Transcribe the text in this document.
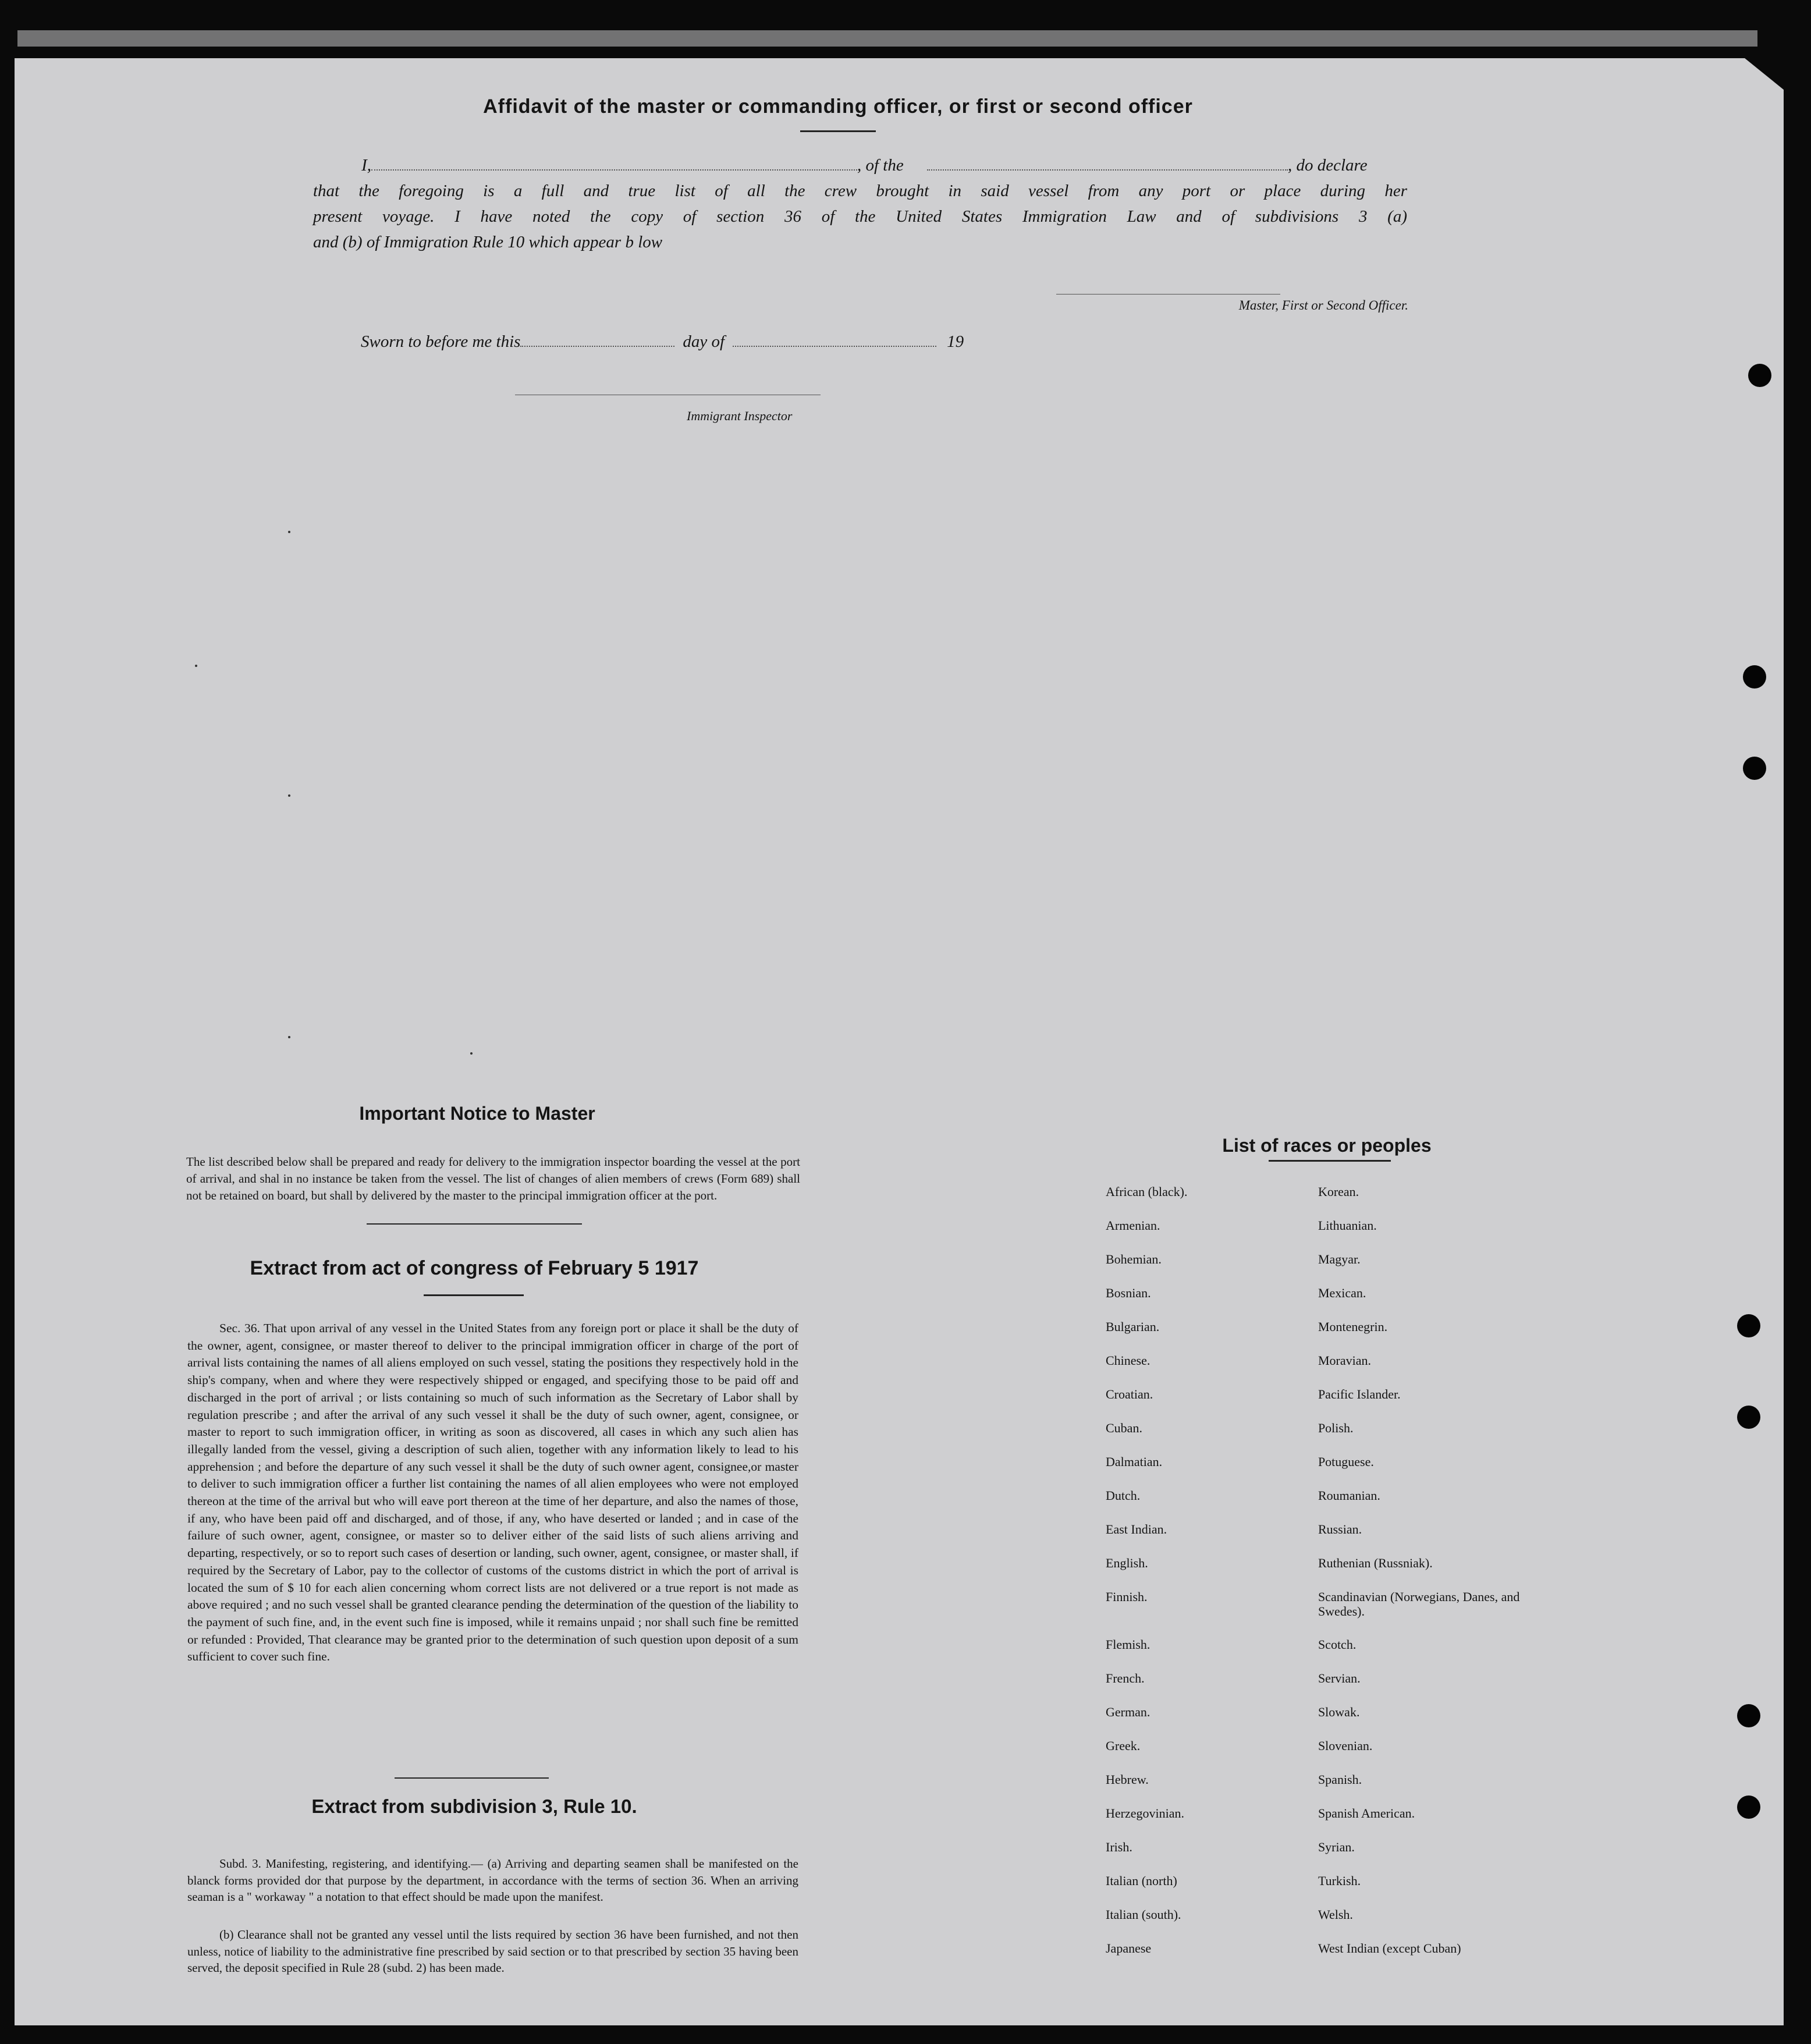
Affidavit of the master or commanding officer, or first or second officer
I,	, of the	, do declare
that the foregoing is a full and true list of all the crew brought in said vessel from any port or place during her
present voyage. I have noted the copy of section 36 of the United States Immigration Law and of subdivisions 3 (a)
and (b) of Immigration Rule 10 which appear b low
Master, First or Second Officer.
Sworn to before me this	day of	19
Immigrant Inspector
Important Notice to Master
The list described below shall be prepared and ready for delivery to the immigration inspector boarding the vessel at the port of arrival, and shal in no instance be taken from the vessel. The list of changes of alien members of crews (Form 689) shall not be retained on board, but shall by delivered by the master to the principal immigration officer at the port.
Extract from act of congress of February 5 1917
Sec. 36. That upon arrival of any vessel in the United States from any foreign port or place it shall be the duty of the owner, agent, consignee, or master thereof to deliver to the principal immigration officer in charge of the port of arrival lists containing the names of all aliens employed on such vessel, stating the positions they respectively hold in the ship's company, when and where they were respectively shipped or engaged, and specifying those to be paid off and discharged in the port of arrival ; or lists containing so much of such information as the Secretary of Labor shall by regulation prescribe ; and after the arrival of any such vessel it shall be the duty of such owner, agent, consignee, or master to report to such immigration officer, in writing as soon as discovered, all cases in which any such alien has illegally landed from the vessel, giving a description of such alien, together with any information likely to lead to his apprehension ; and before the departure of any such vessel it shall be the duty of such owner agent, consignee,or master to deliver to such immigration officer a further list containing the names of all alien employees who were not employed thereon at the time of the arrival but who will eave port thereon at the time of her departure, and also the names of those, if any, who have been paid off and discharged, and of those, if any, who have deserted or landed ; and in case of the failure of such owner, agent, consignee, or master so to deliver either of the said lists of such aliens arriving and departing, respectively, or so to report such cases of desertion or landing, such owner, agent, consignee, or master shall, if required by the Secretary of Labor, pay to the collector of customs of the customs district in which the port of arrival is located the sum of $ 10 for each alien concerning whom correct lists are not delivered or a true report is not made as above required ; and no such vessel shall be granted clearance pending the determination of the question of the liability to the payment of such fine, and, in the event such fine is imposed, while it remains unpaid ; nor shall such fine be remitted or refunded : Provided, That clearance may be granted prior to the determination of such question upon deposit of a sum sufficient to cover such fine.
Extract from subdivision 3, Rule 10.
Subd. 3. Manifesting, registering, and identifying.— (a) Arriving and departing seamen shall be manifested on the blanck forms provided dor that purpose by the department, in accordance with the terms of section 36. When an arriving seaman is a " workaway " a notation to that effect should be made upon the manifest.
(b) Clearance shall not be granted any vessel until the lists required by section 36 have been furnished, and not then unless, notice of liability to the administrative fine prescribed by said section or to that prescribed by section 35 having been served, the deposit specified in Rule 28 (subd. 2) has been made.
List of races or peoples
African (black).	Korean.
Armenian.	Lithuanian.
Bohemian.	Magyar.
Bosnian.	Mexican.
Bulgarian.	Montenegrin.
Chinese.	Moravian.
Croatian.	Pacific Islander.
Cuban.	Polish.
Dalmatian.	Potuguese.
Dutch.	Roumanian.
East Indian.	Russian.
English.	Ruthenian (Russniak).
Finnish.	Scandinavian (Norwegians, Danes, and Swedes).
Flemish.	Scotch.
French.	Servian.
German.	Slowak.
Greek.	Slovenian.
Hebrew.	Spanish.
Herzegovinian.	Spanish American.
Irish.	Syrian.
Italian (north)	Turkish.
Italian (south).	Welsh.
Japanese	West Indian (except Cuban)
